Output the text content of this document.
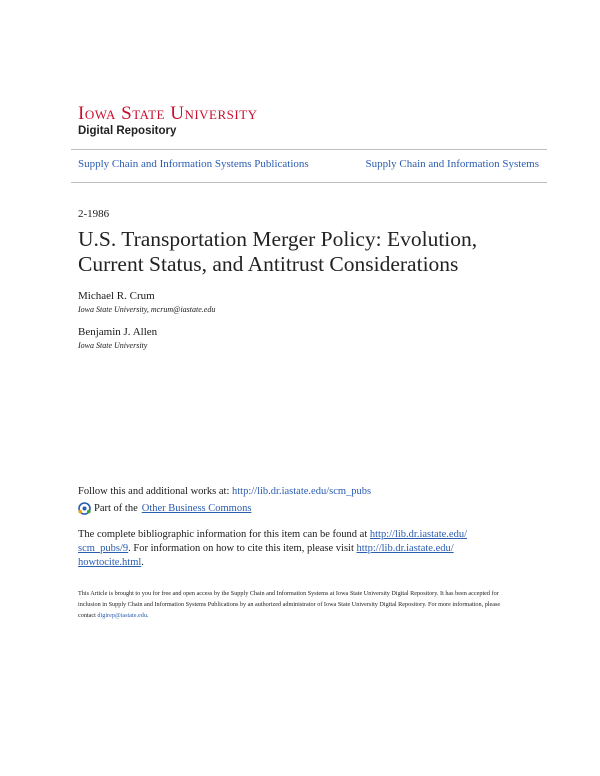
Iowa State University
Digital Repository
Supply Chain and Information Systems Publications	Supply Chain and Information Systems
2-1986
U.S. Transportation Merger Policy: Evolution, Current Status, and Antitrust Considerations
Michael R. Crum
Iowa State University, mcrum@iastate.edu
Benjamin J. Allen
Iowa State University
Follow this and additional works at: http://lib.dr.iastate.edu/scm_pubs
Part of the Other Business Commons
The complete bibliographic information for this item can be found at http://lib.dr.iastate.edu/
scm_pubs/9. For information on how to cite this item, please visit http://lib.dr.iastate.edu/
howtocite.html.
This Article is brought to you for free and open access by the Supply Chain and Information Systems at Iowa State University Digital Repository. It has been accepted for inclusion in Supply Chain and Information Systems Publications by an authorized administrator of Iowa State University Digital Repository. For more information, please contact digirep@iastate.edu.
